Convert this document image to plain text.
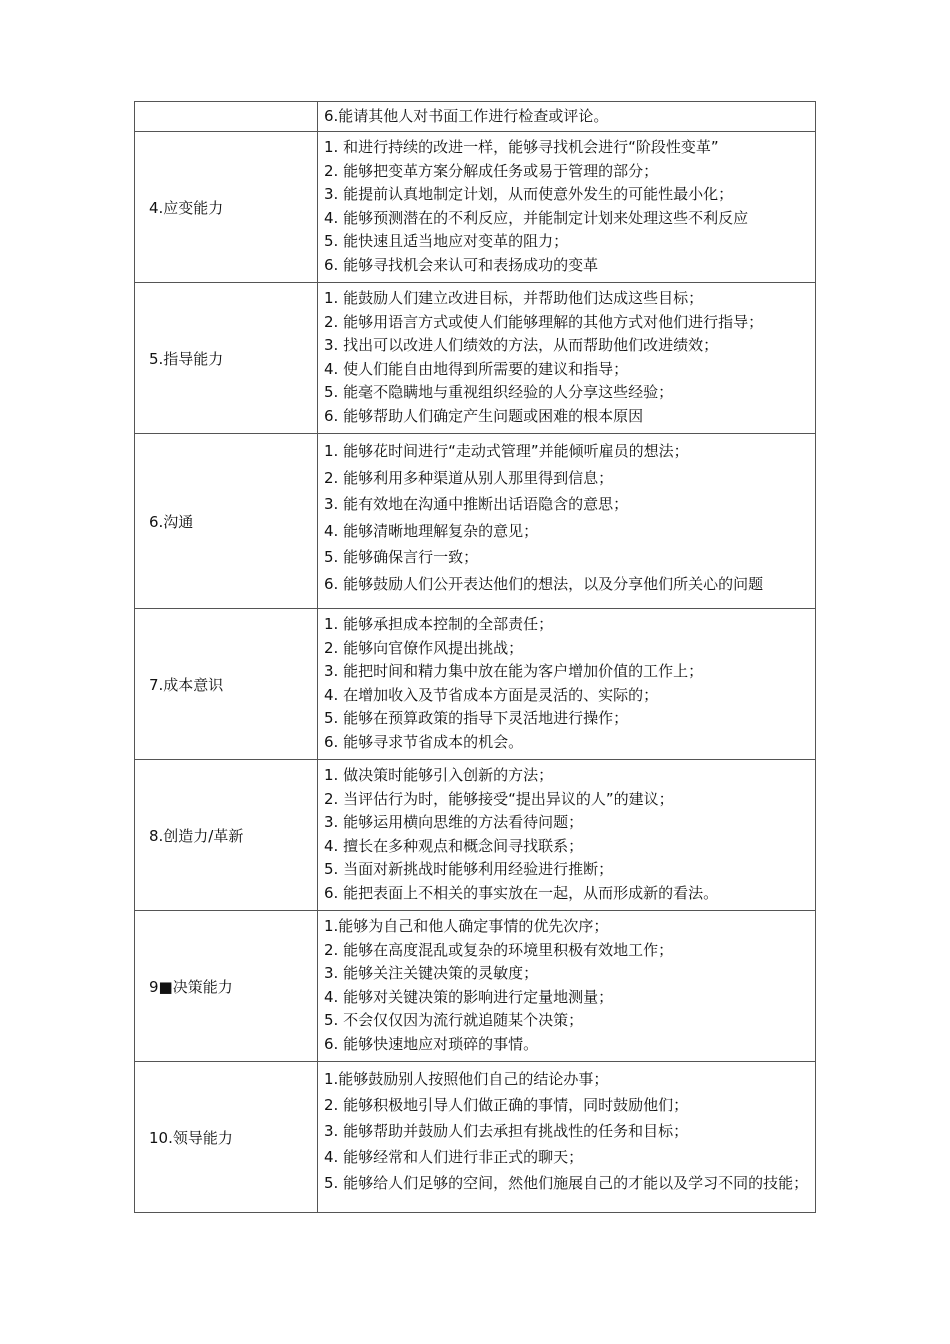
6.能请其他人对书面工作进行检查或评论。

4.应变能力

1. 和进行持续的改进一样，能够寻找机会进行“阶段性变革”

2. 能够把变革方案分解成任务或易于管理的部分；

3. 能提前认真地制定计划，从而使意外发生的可能性最小化；

4. 能够预测潜在的不利反应，并能制定计划来处理这些不利反应

5. 能快速且适当地应对变革的阻力；

6. 能够寻找机会来认可和表扬成功的变革

5.指导能力

1. 能鼓励人们建立改进目标，并帮助他们达成这些目标；

2. 能够用语言方式或使人们能够理解的其他方式对他们进行指导；

3. 找出可以改进人们绩效的方法，从而帮助他们改进绩效；

4. 使人们能自由地得到所需要的建议和指导；

5. 能毫不隐瞒地与重视组织经验的人分享这些经验；

6. 能够帮助人们确定产生问题或困难的根本原因

6.沟通

1. 能够花时间进行“走动式管理”并能倾听雇员的想法；

2. 能够利用多种渠道从别人那里得到信息；

3. 能有效地在沟通中推断出话语隐含的意思；

4. 能够清晰地理解复杂的意见；

5. 能够确保言行一致；

6. 能够鼓励人们公开表达他们的想法，以及分享他们所关心的问题

7.成本意识

1. 能够承担成本控制的全部责任；

2. 能够向官僚作风提出挑战；

3. 能把时间和精力集中放在能为客户增加价值的工作上；

4. 在增加收入及节省成本方面是灵活的、实际的；

5. 能够在预算政策的指导下灵活地进行操作；

6. 能够寻求节省成本的机会。

8.创造力/革新

1. 做决策时能够引入创新的方法；

2. 当评估行为时，能够接受“提出异议的人”的建议；

3. 能够运用横向思维的方法看待问题；

4. 擅长在多种观点和概念间寻找联系；

5. 当面对新挑战时能够利用经验进行推断；

6. 能把表面上不相关的事实放在一起，从而形成新的看法。

9■决策能力

1.能够为自己和他人确定事情的优先次序；

2. 能够在高度混乱或复杂的环境里积极有效地工作；

3. 能够关注关键决策的灵敏度；

4. 能够对关键决策的影响进行定量地测量；

5. 不会仅仅因为流行就追随某个决策；

6. 能够快速地应对琐碎的事情。

10.领导能力

1.能够鼓励别人按照他们自己的结论办事；

2. 能够积极地引导人们做正确的事情，同时鼓励他们；

3. 能够帮助并鼓励人们去承担有挑战性的任务和目标；

4. 能够经常和人们进行非正式的聊天；

5. 能够给人们足够的空间，然他们施展自己的才能以及学习不同的技能；
